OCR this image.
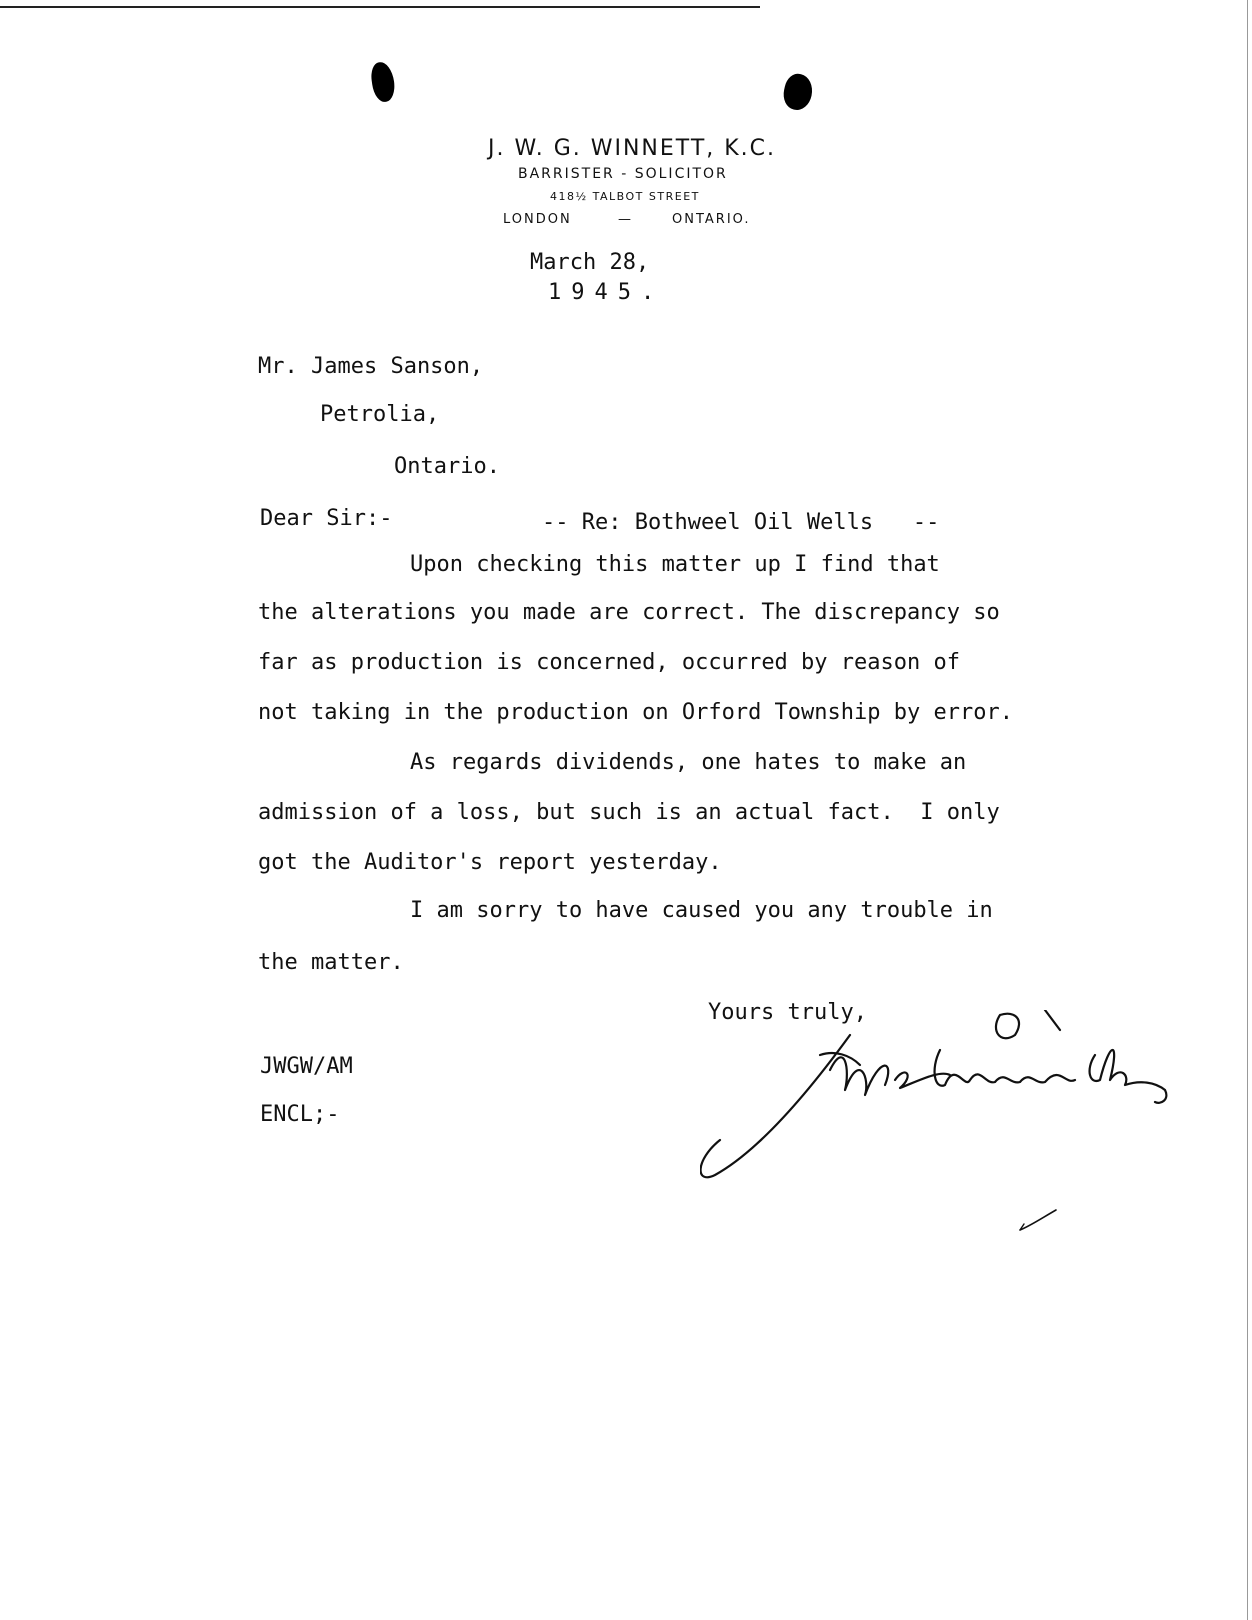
J. W. G. WINNETT, K.C.
BARRISTER - SOLICITOR
418½ TALBOT STREET
LONDON	—	ONTARIO.
March 28,
1945.
Mr. James Sanson,
Petrolia,
Ontario.
Dear Sir:-	-- Re: Bothweel Oil Wells   --
Upon checking this matter up I find that
the alterations you made are correct. The discrepancy so
far as production is concerned, occurred by reason of
not taking in the production on Orford Township by error.
As regards dividends, one hates to make an
admission of a loss, but such is an actual fact.  I only
got the Auditor's report yesterday.
I am sorry to have caused you any trouble in
the matter.
Yours truly,
JWGW/AM
ENCL;-
